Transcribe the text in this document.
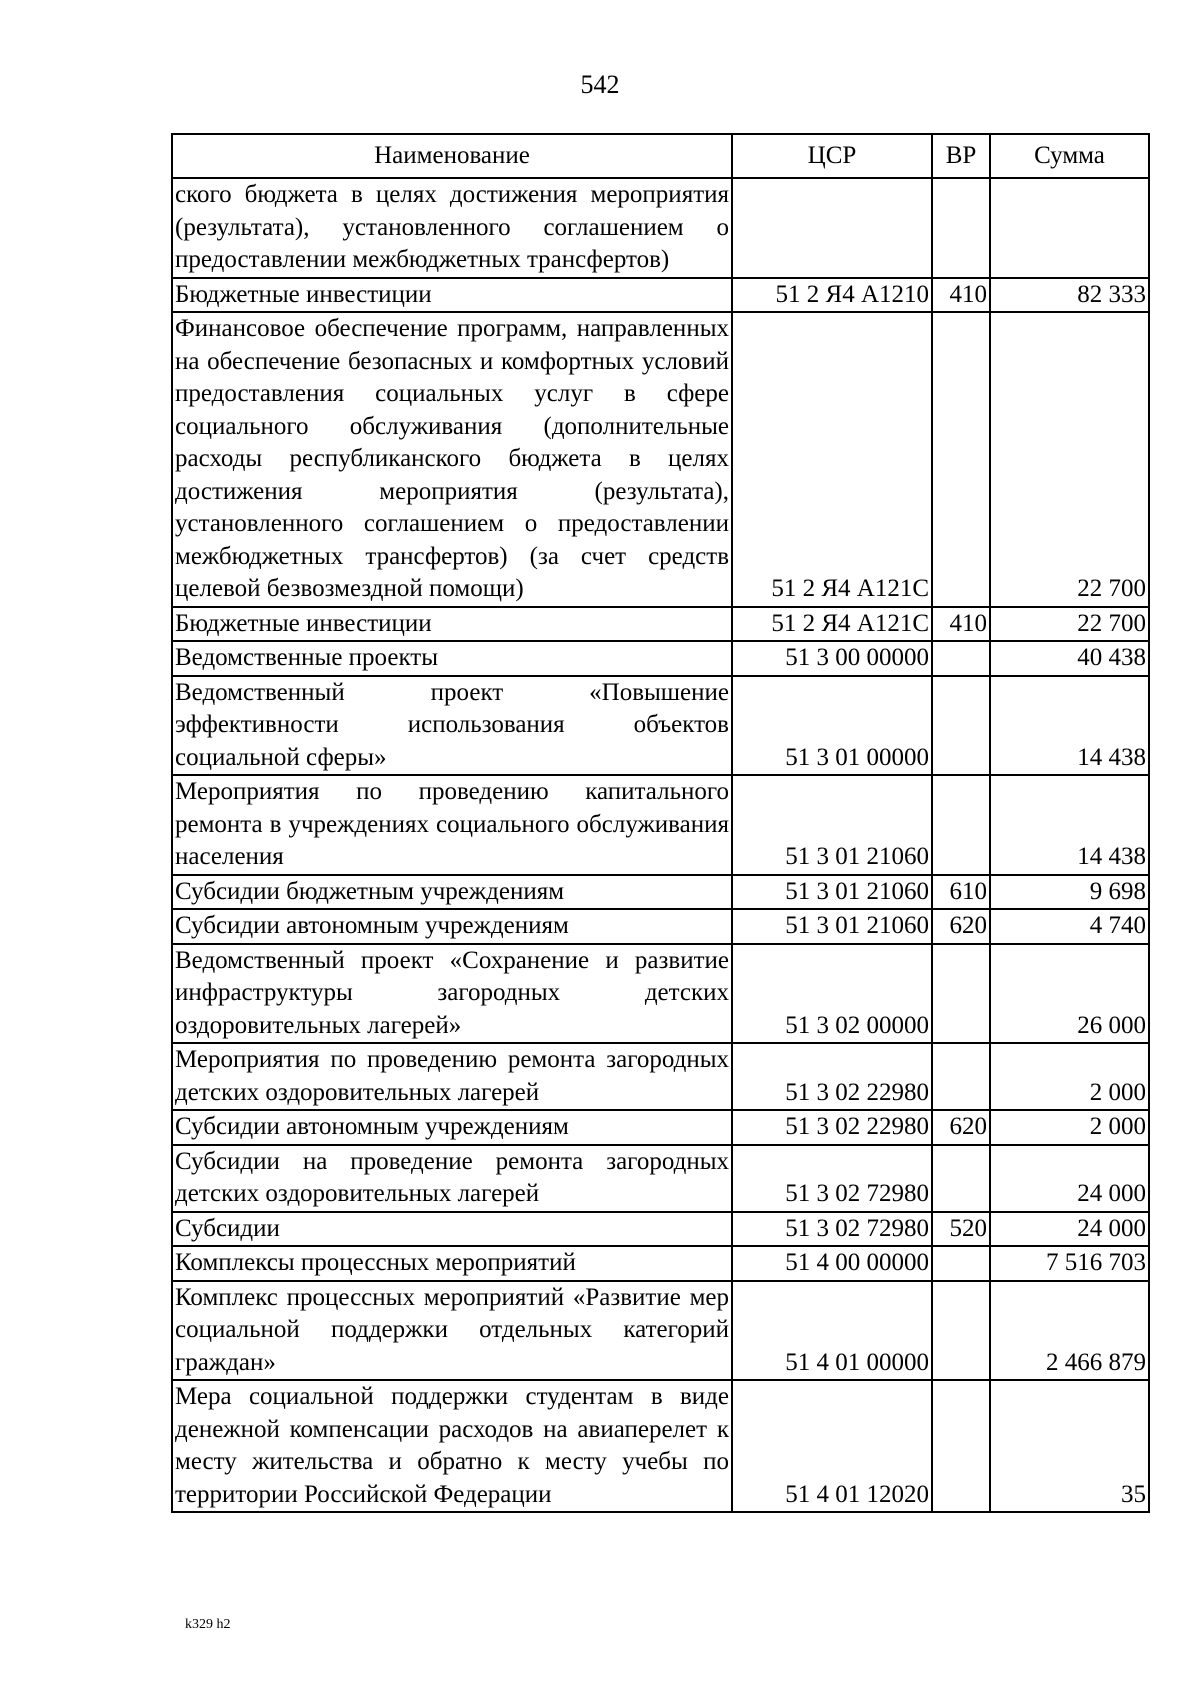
542
Наименование	ЦСР	ВР	Сумма
ского бюджета в целях достижения мероприятия (результата), установленного соглашением о предоставлении межбюджетных трансфертов)			
Бюджетные инвестиции	51 2 Я4 А1210	410	82 333
Финансовое обеспечение программ, направленных на обеспечение безопасных и комфортных условий предоставления социальных услуг в сфере социального обслуживания (дополнительные расходы республиканского бюджета в целях достижения мероприятия (результата), установленного соглашением о предоставлении межбюджетных трансфертов) (за счет средств целевой безвозмездной помощи)	51 2 Я4 А121С		22 700
Бюджетные инвестиции	51 2 Я4 А121С	410	22 700
Ведомственные проекты	51 3 00 00000		40 438
Ведомственный проект «Повышение эффективности использования объектов социальной сферы»	51 3 01 00000		14 438
Мероприятия по проведению капитального ремонта в учреждениях социального обслуживания населения	51 3 01 21060		14 438
Субсидии бюджетным учреждениям	51 3 01 21060	610	9 698
Субсидии автономным учреждениям	51 3 01 21060	620	4 740
Ведомственный проект «Сохранение и развитие инфраструктуры загородных детских оздоровительных лагерей»	51 3 02 00000		26 000
Мероприятия по проведению ремонта загородных детских оздоровительных лагерей	51 3 02 22980		2 000
Субсидии автономным учреждениям	51 3 02 22980	620	2 000
Субсидии на проведение ремонта загородных детских оздоровительных лагерей	51 3 02 72980		24 000
Субсидии	51 3 02 72980	520	24 000
Комплексы процессных мероприятий	51 4 00 00000		7 516 703
Комплекс процессных мероприятий «Развитие мер социальной поддержки отдельных категорий граждан»	51 4 01 00000		2 466 879
Мера социальной поддержки студентам в виде денежной компенсации расходов на авиаперелет к месту жительства и обратно к месту учебы по территории Российской Федерации	51 4 01 12020		35
k329 h2
